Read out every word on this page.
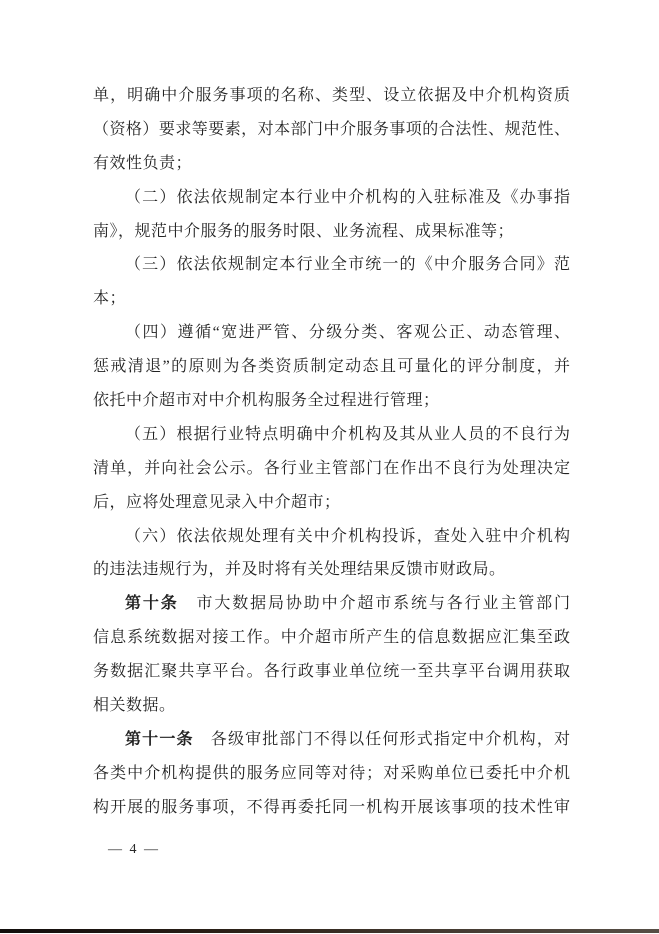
单，明确中介服务事项的名称、类型、设立依据及中介机构资质
（资格）要求等要素，对本部门中介服务事项的合法性、规范性、
有效性负责；
（二）依法依规制定本行业中介机构的入驻标准及《办事指
南》，规范中介服务的服务时限、业务流程、成果标准等；
（三）依法依规制定本行业全市统一的《中介服务合同》范
本；
（四）遵循“宽进严管、分级分类、客观公正、动态管理、
惩戒清退”的原则为各类资质制定动态且可量化的评分制度，并
依托中介超市对中介机构服务全过程进行管理；
（五）根据行业特点明确中介机构及其从业人员的不良行为
清单，并向社会公示。各行业主管部门在作出不良行为处理决定
后，应将处理意见录入中介超市；
（六）依法依规处理有关中介机构投诉，查处入驻中介机构
的违法违规行为，并及时将有关处理结果反馈市财政局。
第十条　市大数据局协助中介超市系统与各行业主管部门
信息系统数据对接工作。中介超市所产生的信息数据应汇集至政
务数据汇聚共享平台。各行政事业单位统一至共享平台调用获取
相关数据。
第十一条　各级审批部门不得以任何形式指定中介机构，对
各类中介机构提供的服务应同等对待；对采购单位已委托中介机
构开展的服务事项，不得再委托同一机构开展该事项的技术性审
— 4 —
